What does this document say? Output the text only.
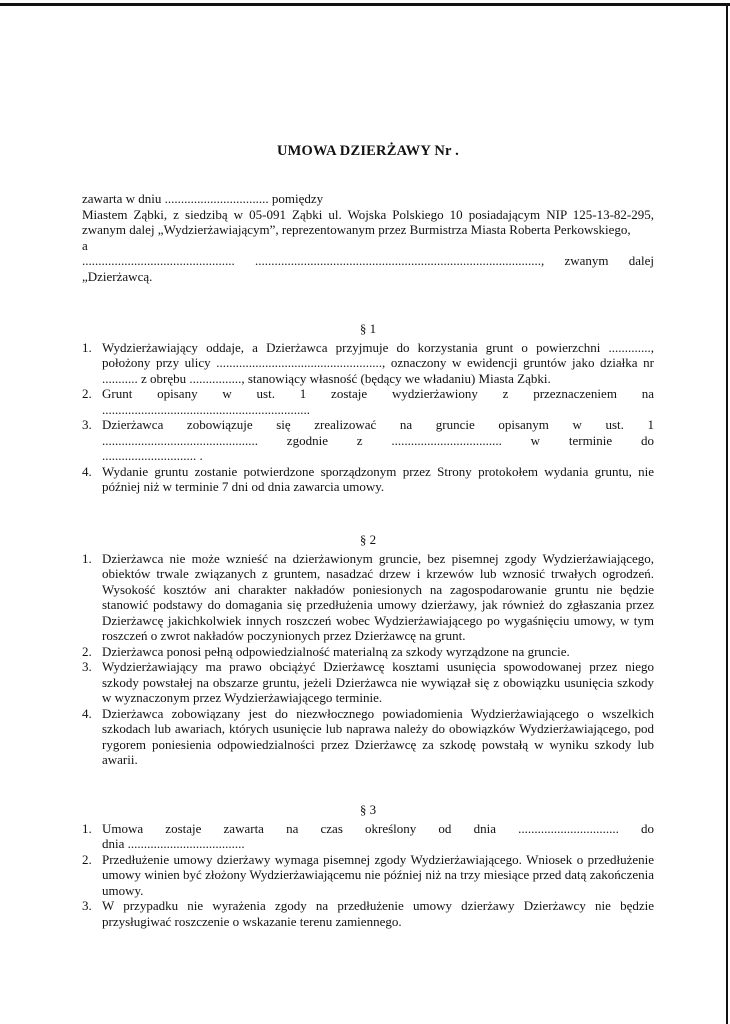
UMOWA DZIERŻAWY Nr .

zawarta w dniu ................................ pomiędzy

Miastem Ząbki, z siedzibą w 05-091 Ząbki ul. Wojska Polskiego 10 posiadającym NIP 125-13-82-295, zwanym dalej „Wydzierżawiającym”, reprezentowanym przez Burmistrza Miasta Roberta Perkowskiego,

a

............................................... ........................................................................................, zwanym dalej

„Dzierżawcą.

§ 1
1. Wydzierżawiający oddaje, a Dzierżawca przyjmuje do korzystania grunt o powierzchni ............., położony przy ulicy ..................................................., oznaczony w ewidencji gruntów jako działka nr ........... z obrębu ................, stanowiący własność (będący we władaniu) Miasta Ząbki.
2. Grunt opisany w ust. 1 zostaje wydzierżawiony z przeznaczeniem na ................................................................
3. Dzierżawca zobowiązuje się zrealizować na gruncie opisanym w ust. 1
................................................ zgodnie z .................................. w terminie do
............................. .
4. Wydanie gruntu zostanie potwierdzone sporządzonym przez Strony protokołem wydania gruntu, nie później niż w terminie 7 dni od dnia zawarcia umowy.
§ 2
1. Dzierżawca nie może wznieść na dzierżawionym gruncie, bez pisemnej zgody Wydzierżawiającego, obiektów trwale związanych z gruntem, nasadzać drzew i krzewów lub wznosić trwałych ogrodzeń. Wysokość kosztów ani charakter nakładów poniesionych na zagospodarowanie gruntu nie będzie stanowić podstawy do domagania się przedłużenia umowy dzierżawy, jak również do zgłaszania przez Dzierżawcę jakichkolwiek innych roszczeń wobec Wydzierżawiającego po wygaśnięciu umowy, w tym roszczeń o zwrot nakładów poczynionych przez Dzierżawcę na grunt.
2. Dzierżawca ponosi pełną odpowiedzialność materialną za szkody wyrządzone na gruncie.
3. Wydzierżawiający ma prawo obciążyć Dzierżawcę kosztami usunięcia spowodowanej przez niego szkody powstałej na obszarze gruntu, jeżeli Dzierżawca nie wywiązał się z obowiązku usunięcia szkody w wyznaczonym przez Wydzierżawiającego terminie.
4. Dzierżawca zobowiązany jest do niezwłocznego powiadomienia Wydzierżawiającego o wszelkich szkodach lub awariach, których usunięcie lub naprawa należy do obowiązków Wydzierżawiającego, pod rygorem poniesienia odpowiedzialności przez Dzierżawcę za szkodę powstałą w wyniku szkody lub awarii.
§ 3
1. Umowa zostaje zawarta na czas określony od dnia ............................... do
dnia ....................................
2. Przedłużenie umowy dzierżawy wymaga pisemnej zgody Wydzierżawiającego. Wniosek o przedłużenie umowy winien być złożony Wydzierżawiającemu nie później niż na trzy miesiące przed datą zakończenia umowy.
3. W przypadku nie wyrażenia zgody na przedłużenie umowy dzierżawy Dzierżawcy nie będzie przysługiwać roszczenie o wskazanie terenu zamiennego.
